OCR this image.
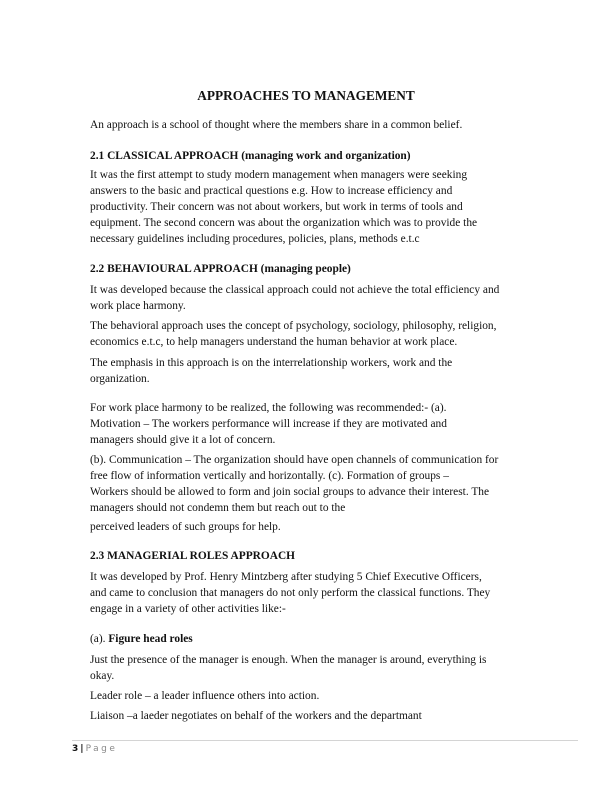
APPROACHES TO MANAGEMENT
An approach is a school of thought where the members share in a common belief.
2.1 CLASSICAL APPROACH (managing work and organization)
It was the first attempt to study modern management when managers were seeking
answers to the basic and practical questions e.g. How to increase efficiency and
productivity. Their concern was not about workers, but work in terms of tools and
equipment. The second concern was about the organization which was to provide the
necessary guidelines including procedures, policies, plans, methods e.t.c
2.2 BEHAVIOURAL APPROACH (managing people)
It was developed because the classical approach could not achieve the total efficiency and
work place harmony.
The behavioral approach uses the concept of psychology, sociology, philosophy, religion,
economics e.t.c, to help managers understand the human behavior at work place.
The emphasis in this approach is on the interrelationship workers, work and the
organization.
For work place harmony to be realized, the following was recommended:- (a).
Motivation – The workers performance will increase if they are motivated and
managers should give it a lot of concern.
(b). Communication – The organization should have open channels of communication for
free flow of information vertically and horizontally. (c). Formation of groups –
Workers should be allowed to form and join social groups to advance their interest. The
managers should not condemn them but reach out to the
perceived leaders of such groups for help.
2.3 MANAGERIAL ROLES APPROACH
It was developed by Prof. Henry Mintzberg after studying 5 Chief Executive Officers,
and came to conclusion that managers do not only perform the classical functions. They
engage in a variety of other activities like:-
(a). Figure head roles
Just the presence of the manager is enough. When the manager is around, everything is
okay.
Leader role – a leader influence others into action.
Liaison –a laeder negotiates on behalf of the workers and the departmant
3 | Page
